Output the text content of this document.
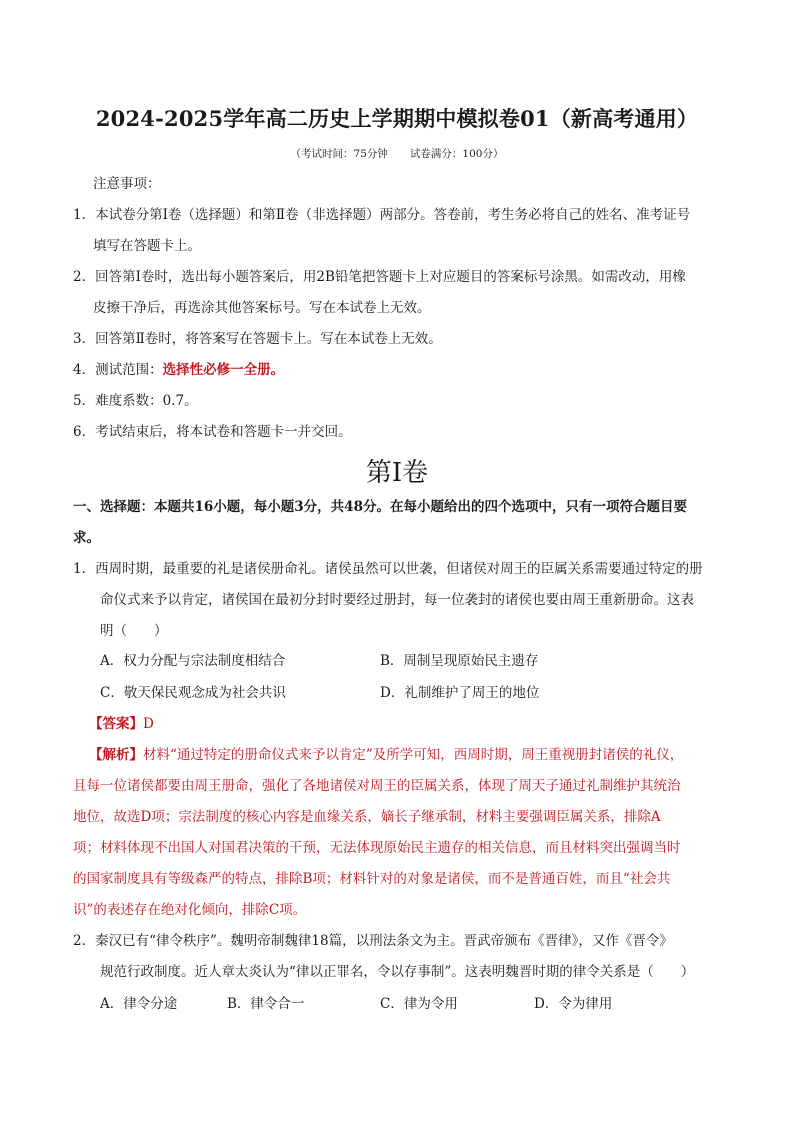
2024-2025学年高二历史上学期期中模拟卷01（新高考通用）
（考试时间：75分钟 试卷满分：100分）
注意事项：
1．本试卷分第Ⅰ卷（选择题）和第Ⅱ卷（非选择题）两部分。答卷前，考生务必将自己的姓名、准考证号
填写在答题卡上。
2．回答第Ⅰ卷时，选出每小题答案后，用2B铅笔把答题卡上对应题目的答案标号涂黑。如需改动，用橡
皮擦干净后，再选涂其他答案标号。写在本试卷上无效。
3．回答第Ⅱ卷时，将答案写在答题卡上。写在本试卷上无效。
4．测试范围：选择性必修一全册。
5．难度系数：0.7。
6．考试结束后，将本试卷和答题卡一并交回。
第Ⅰ卷
一、选择题：本题共16小题，每小题3分，共48分。在每小题给出的四个选项中，只有一项符合题目要
求。
1．西周时期，最重要的礼是诸侯册命礼。诸侯虽然可以世袭，但诸侯对周王的臣属关系需要通过特定的册
命仪式来予以肯定，诸侯国在最初分封时要经过册封，每一位袭封的诸侯也要由周王重新册命。这表
明（　　）
A．权力分配与宗法制度相结合	B．周制呈现原始民主遗存
C．敬天保民观念成为社会共识	D．礼制维护了周王的地位
【答案】D
【解析】材料“通过特定的册命仪式来予以肯定”及所学可知，西周时期，周王重视册封诸侯的礼仪，
且每一位诸侯都要由周王册命，强化了各地诸侯对周王的臣属关系，体现了周天子通过礼制维护其统治
地位，故选D项；宗法制度的核心内容是血缘关系，嫡长子继承制，材料主要强调臣属关系，排除A
项；材料体现不出国人对国君决策的干预，无法体现原始民主遗存的相关信息，而且材料突出强调当时
的国家制度具有等级森严的特点，排除B项；材料针对的对象是诸侯，而不是普通百姓，而且“社会共
识”的表述存在绝对化倾向，排除C项。
2．秦汉已有“律令秩序”。魏明帝制魏律18篇，以刑法条文为主。晋武帝颁布《晋律》，又作《晋令》
规范行政制度。近人章太炎认为“律以正罪名，令以存事制”。这表明魏晋时期的律令关系是（　　）
A．律令分途	B．律令合一	C．律为令用	D．令为律用
